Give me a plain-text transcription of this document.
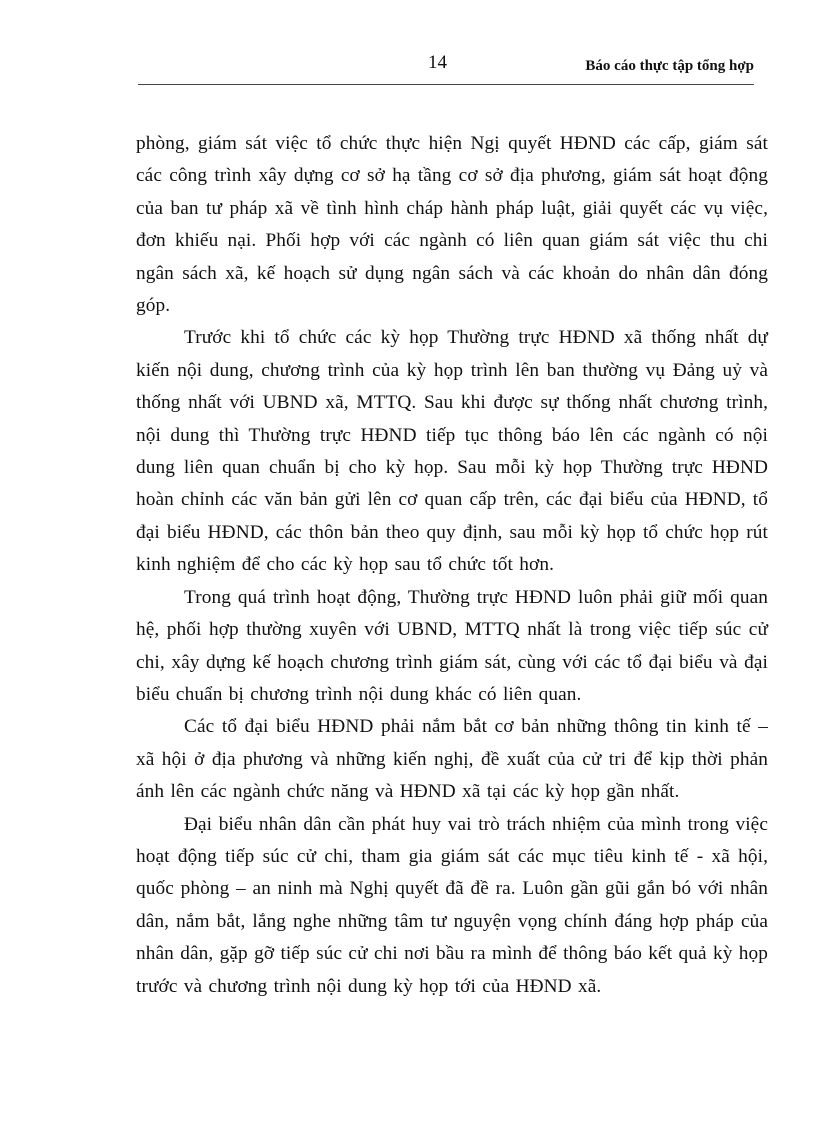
14	Báo cáo thực tập tổng hợp

phòng, giám sát việc tổ chức thực hiện Ngị quyết HĐND các cấp, giám sát các công trình xây dựng cơ sở hạ tầng cơ sở địa phương, giám sát hoạt động của ban tư pháp xã về tình hình cháp hành pháp luật, giải quyết các vụ việc, đơn khiếu nại. Phối hợp với các ngành có liên quan giám sát việc thu chi ngân sách xã, kế hoạch sử dụng ngân sách và các khoản do nhân dân đóng góp.

Trước khi tổ chức các kỳ họp Thường trực HĐND xã thống nhất dự kiến nội dung, chương trình của kỳ họp trình lên ban thường vụ Đảng uỷ và thống nhất với UBND xã, MTTQ. Sau khi được sự thống nhất chương trình, nội dung thì Thường trực HĐND tiếp tục thông báo lên các ngành có nội dung liên quan chuẩn bị cho kỳ họp. Sau mỗi kỳ họp Thường trực HĐND hoàn chỉnh các văn bản gửi lên cơ quan cấp trên, các đại biểu của HĐND, tổ đại biểu HĐND, các thôn bản theo quy định, sau mỗi kỳ họp tổ chức họp rút kinh nghiệm để cho các kỳ họp sau tổ chức tốt hơn.

Trong quá trình hoạt động, Thường trực HĐND luôn phải giữ mối quan hệ, phối hợp thường xuyên với UBND, MTTQ nhất là trong việc tiếp súc cử chi, xây dựng kế hoạch chương trình giám sát, cùng với các tổ đại biểu và đại biểu chuẩn bị chương trình nội dung khác có liên quan.

Các tổ đại biểu HĐND phải nắm bắt cơ bản những thông tin kinh tế – xã hội ở địa phương và những kiến nghị, đề xuất của cử tri để kịp thời phản ánh lên các ngành chức năng và HĐND xã tại các kỳ họp gần nhất.

Đại biểu nhân dân cần phát huy vai trò trách nhiệm của mình trong việc hoạt động tiếp súc cử chi, tham gia giám sát các mục tiêu kinh tế - xã hội, quốc phòng – an ninh mà Nghị quyết đã đề ra. Luôn gần gũi gắn bó với nhân dân, nắm bắt, lắng nghe những tâm tư nguyện vọng chính đáng hợp pháp của nhân dân, gặp gỡ tiếp súc cử chi nơi bầu ra mình để thông báo kết quả kỳ họp trước và chương trình nội dung kỳ họp tới của HĐND xã.
